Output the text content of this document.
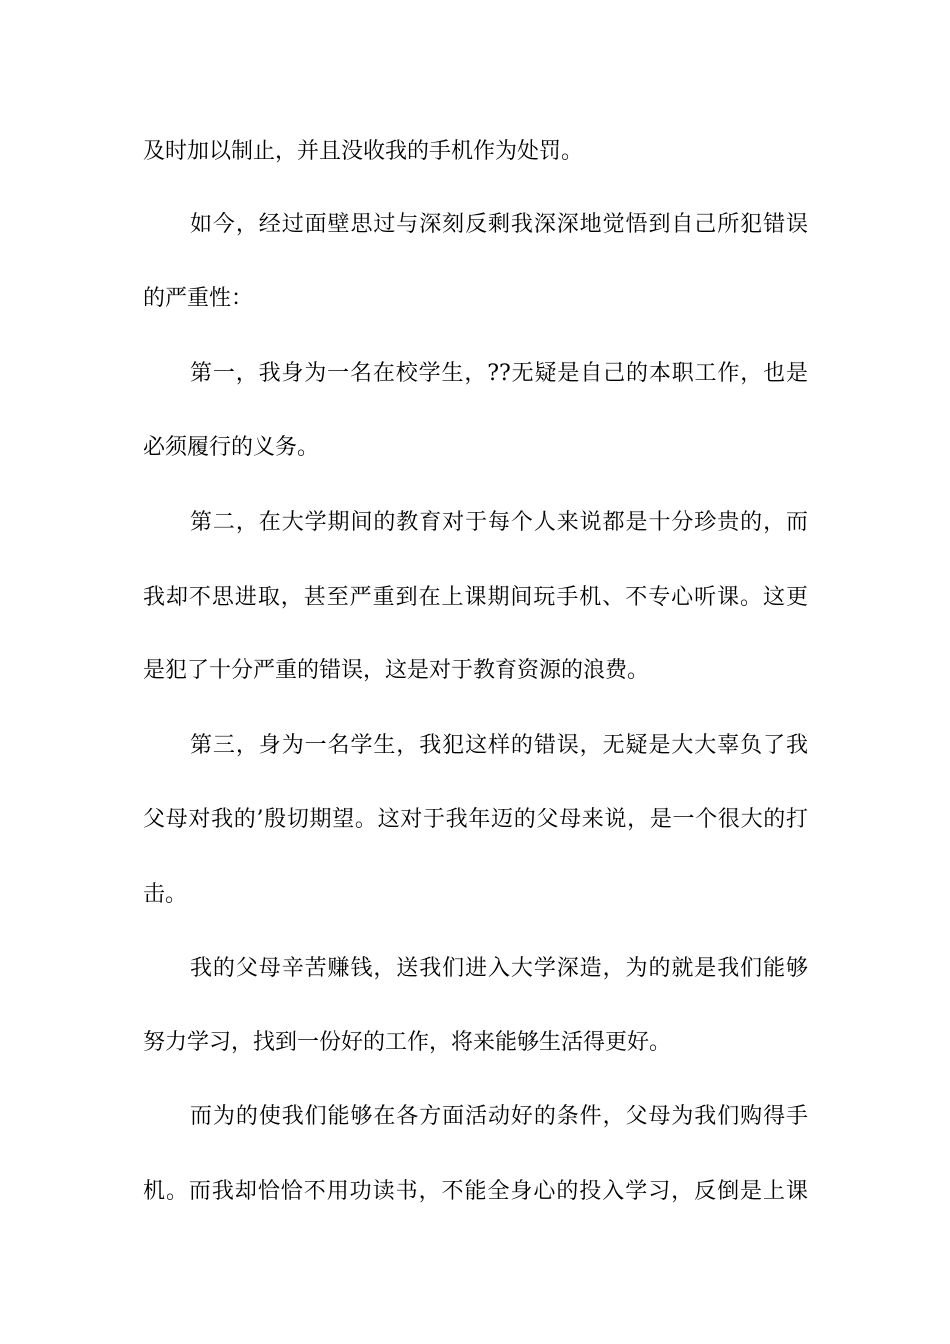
及时加以制止，并且没收我的手机作为处罚。
如今，经过面壁思过与深刻反剩我深深地觉悟到自己所犯错误
的严重性：
第一，我身为一名在校学生，??无疑是自己的本职工作，也是
必须履行的义务。
第二，在大学期间的教育对于每个人来说都是十分珍贵的，而
我却不思进取，甚至严重到在上课期间玩手机、不专心听课。这更
是犯了十分严重的错误，这是对于教育资源的浪费。
第三，身为一名学生，我犯这样的错误，无疑是大大辜负了我
父母对我的’殷切期望。这对于我年迈的父母来说，是一个很大的打
击。
我的父母辛苦赚钱，送我们进入大学深造，为的就是我们能够
努力学习，找到一份好的工作，将来能够生活得更好。
而为的使我们能够在各方面活动好的条件，父母为我们购得手
机。而我却恰恰不用功读书，不能全身心的投入学习，反倒是上课
